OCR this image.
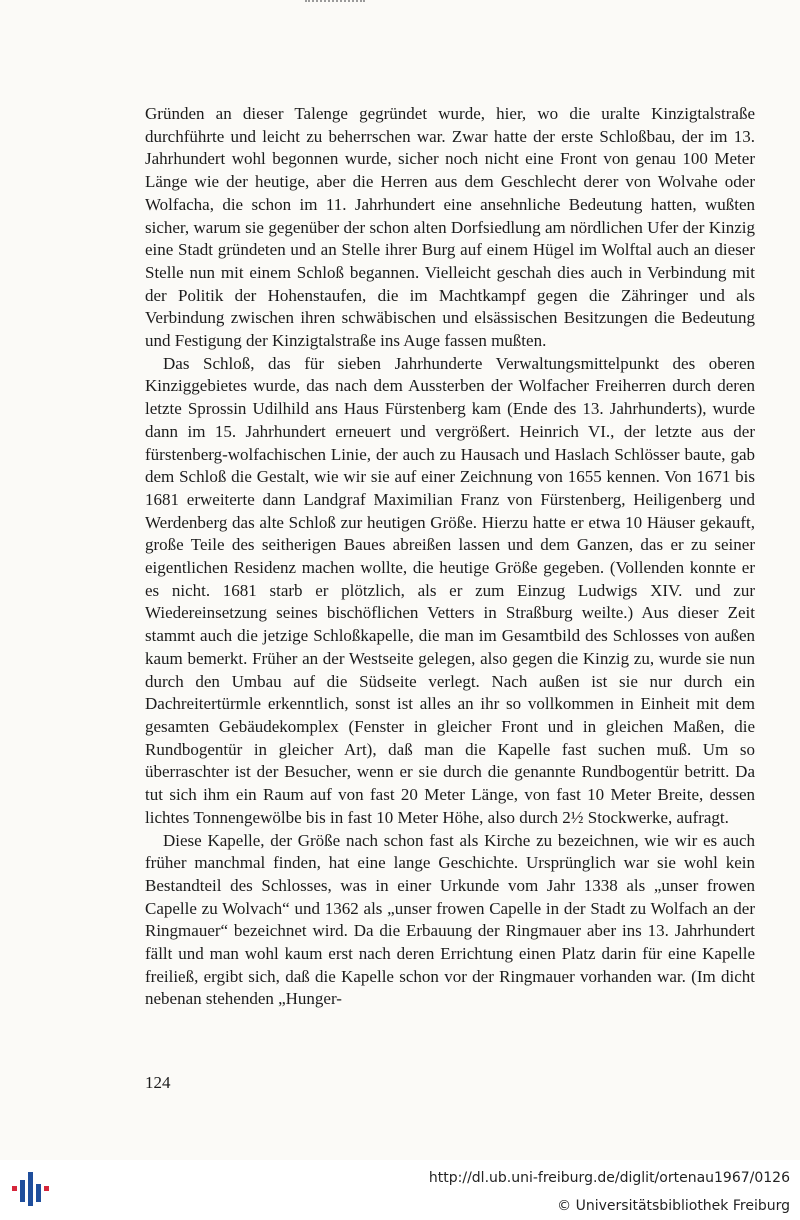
Gründen an dieser Talenge gegründet wurde, hier, wo die uralte Kinzigtalstraße durchführte und leicht zu beherrschen war. Zwar hatte der erste Schloßbau, der im 13. Jahrhundert wohl begonnen wurde, sicher noch nicht eine Front von genau 100 Meter Länge wie der heutige, aber die Herren aus dem Geschlecht derer von Wolvahe oder Wolfacha, die schon im 11. Jahrhundert eine ansehnliche Bedeutung hatten, wußten sicher, warum sie gegenüber der schon alten Dorfsiedlung am nördlichen Ufer der Kinzig eine Stadt gründeten und an Stelle ihrer Burg auf einem Hügel im Wolftal auch an dieser Stelle nun mit einem Schloß begannen. Vielleicht geschah dies auch in Verbindung mit der Politik der Hohenstaufen, die im Machtkampf gegen die Zähringer und als Verbindung zwischen ihren schwäbischen und elsässischen Besitzungen die Bedeutung und Festigung der Kinzigtalstraße ins Auge fassen mußten.

Das Schloß, das für sieben Jahrhunderte Verwaltungsmittelpunkt des oberen Kinziggebietes wurde, das nach dem Aussterben der Wolfacher Freiherren durch deren letzte Sprossin Udilhild ans Haus Fürstenberg kam (Ende des 13. Jahrhunderts), wurde dann im 15. Jahrhundert erneuert und vergrößert. Heinrich VI., der letzte aus der fürstenberg-wolfachischen Linie, der auch zu Hausach und Haslach Schlösser baute, gab dem Schloß die Gestalt, wie wir sie auf einer Zeichnung von 1655 kennen. Von 1671 bis 1681 erweiterte dann Landgraf Maximilian Franz von Fürstenberg, Heiligenberg und Werdenberg das alte Schloß zur heutigen Größe. Hierzu hatte er etwa 10 Häuser gekauft, große Teile des seitherigen Baues abreißen lassen und dem Ganzen, das er zu seiner eigentlichen Residenz machen wollte, die heutige Größe gegeben. (Vollenden konnte er es nicht. 1681 starb er plötzlich, als er zum Einzug Ludwigs XIV. und zur Wiedereinsetzung seines bischöflichen Vetters in Straßburg weilte.) Aus dieser Zeit stammt auch die jetzige Schloßkapelle, die man im Gesamtbild des Schlosses von außen kaum bemerkt. Früher an der Westseite gelegen, also gegen die Kinzig zu, wurde sie nun durch den Umbau auf die Südseite verlegt. Nach außen ist sie nur durch ein Dachreitertürmle erkenntlich, sonst ist alles an ihr so vollkommen in Einheit mit dem gesamten Gebäudekomplex (Fenster in gleicher Front und in gleichen Maßen, die Rundbogentür in gleicher Art), daß man die Kapelle fast suchen muß. Um so überraschter ist der Besucher, wenn er sie durch die genannte Rundbogentür betritt. Da tut sich ihm ein Raum auf von fast 20 Meter Länge, von fast 10 Meter Breite, dessen lichtes Tonnengewölbe bis in fast 10 Meter Höhe, also durch 2½ Stockwerke, aufragt.

Diese Kapelle, der Größe nach schon fast als Kirche zu bezeichnen, wie wir es auch früher manchmal finden, hat eine lange Geschichte. Ursprünglich war sie wohl kein Bestandteil des Schlosses, was in einer Urkunde vom Jahr 1338 als „unser frowen Capelle zu Wolvach“ und 1362 als „unser frowen Capelle in der Stadt zu Wolfach an der Ringmauer“ bezeichnet wird. Da die Erbauung der Ringmauer aber ins 13. Jahrhundert fällt und man wohl kaum erst nach deren Errichtung einen Platz darin für eine Kapelle freiließ, ergibt sich, daß die Kapelle schon vor der Ringmauer vorhanden war. (Im dicht nebenan stehenden „Hunger-

124
http://dl.ub.uni-freiburg.de/diglit/ortenau1967/0126
© Universitätsbibliothek Freiburg
